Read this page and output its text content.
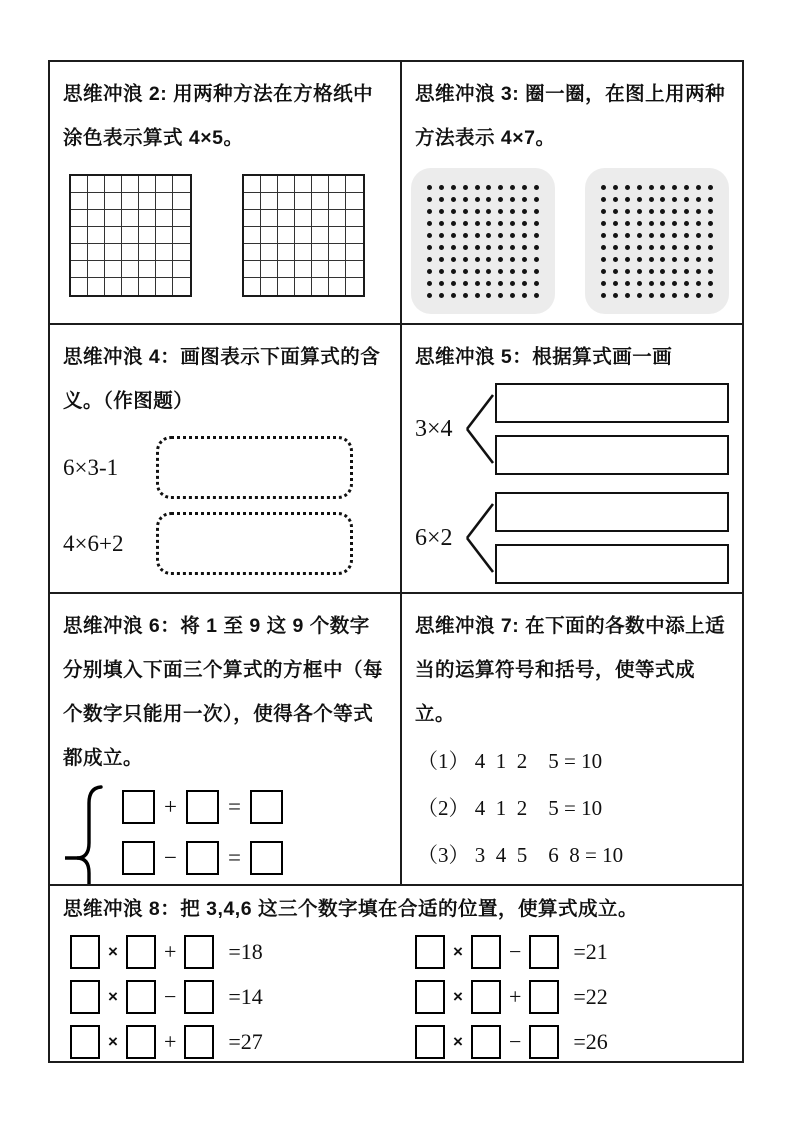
思维冲浪 2: 用两种方法在方格纸中涂色表示算式 4×5。
思维冲浪 3: 圈一圈，在图上用两种方法表示 4×7。
思维冲浪 4：画图表示下面算式的含义。（作图题）
6×3-1
4×6+2
思维冲浪 5：根据算式画一画
3×4
6×2
思维冲浪 6：将 1 至 9 这 9 个数字分别填入下面三个算式的方框中（每个数字只能用一次），使得各个等式都成立。
+ =
− =
思维冲浪 7: 在下面的各数中添上适当的运算符号和括号，使等式成立。
（1） 4  1  2    5 = 10
（2） 4  1  2    5 = 10
（3） 3  4  5    6  8 = 10
思维冲浪 8：把 3,4,6 这三个数字填在合适的位置，使算式成立。
× + =18
× − =14
× + =27
× − =21
× + =22
× − =26
